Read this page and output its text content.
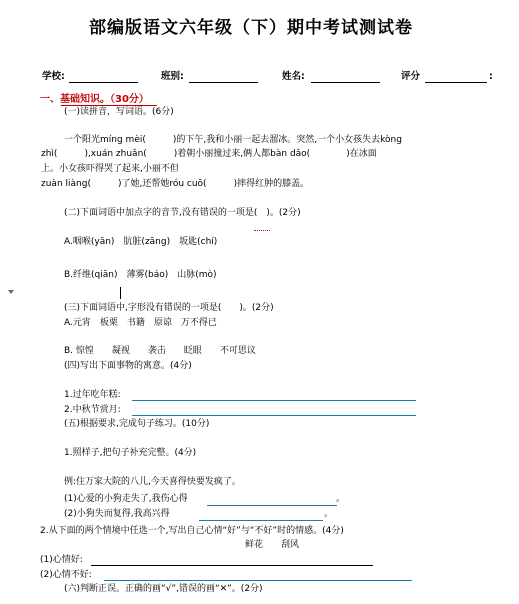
部编版语文六年级（下）期中考试测试卷
学校:	班别:	姓名:	评分	:
一、基础知识。（30分）
(一)读拼音，写词语。(6分)
一个阳光míng mèi(　　　)的下午,我和小丽一起去溜冰。突然,一个小女孩失去kòng
zhì(　　　),xuán zhuǎn(　　　)着朝小丽撞过来,俩人都bàn dǎo(　　　　)在冰面
上。小女孩吓得哭了起来,小丽不但
zuàn liàng(　　　)了她,还帮她róu cuō(　　　)摔得红肿的膝盖。
(二)下面词语中加点字的音节,没有错误的一项是(　)。(2分)
A.咽喉(yān)　肮脏(zāng)　坂匙(chí)
B.纤维(qiān)　薄雾(báo)　山脉(mò)
(三)下面词语中,字形没有错误的一项是(　　)。(2分)
A.元宵　板栗　书籍　原谅　万不得已
B. 惊惶　　凝视　　袭击　　眨眼　　不可思议
(四)写出下面事物的寓意。(4分)
1.过年吃年糕:
2.中秋节赏月:
(五)根据要求,完成句子练习。(10分)
1.照样子,把句子补充完整。(4分)
例:住万家大院的八儿,今天喜得快要发疯了。
(1)心爱的小狗走失了,我伤心得	。
(2)小狗失而复得,我高兴得	。
2.从下面的两个情境中任选一个,写出自己心情“好”与“不好”时的情感。(4分)
鲜花　　刮风
(1)心情好:
(2)心情不好:
(六)判断正误。正确的画“√”,错误的画“✕”。(2分)
